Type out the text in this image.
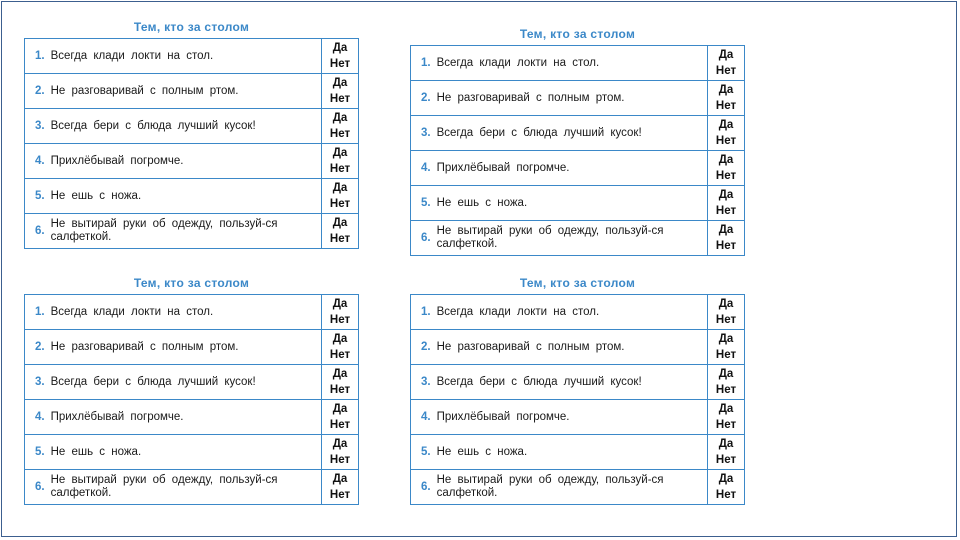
Тем, кто за столом
1. Всегда клади локти на стол.
Да
Нет
2. Не разговаривай с полным ртом.
Да
Нет
3. Всегда бери с блюда лучший кусок!
Да
Нет
4. Прихлёбывай погромче.
Да
Нет
5. Не ешь с ножа.
Да
Нет
6.
Не вытирай руки об одежду, пользуй-ся салфеткой.
Да
Нет
Тем, кто за столом
1. Всегда клади локти на стол.
Да
Нет
2. Не разговаривай с полным ртом.
Да
Нет
3. Всегда бери с блюда лучший кусок!
Да
Нет
4. Прихлёбывай погромче.
Да
Нет
5. Не ешь с ножа.
Да
Нет
6.
Не вытирай руки об одежду, пользуй-ся салфеткой.
Да
Нет
Тем, кто за столом
1. Всегда клади локти на стол.
Да
Нет
2. Не разговаривай с полным ртом.
Да
Нет
3. Всегда бери с блюда лучший кусок!
Да
Нет
4. Прихлёбывай погромче.
Да
Нет
5. Не ешь с ножа.
Да
Нет
6.
Не вытирай руки об одежду, пользуй-ся салфеткой.
Да
Нет
Тем, кто за столом
1. Всегда клади локти на стол.
Да
Нет
2. Не разговаривай с полным ртом.
Да
Нет
3. Всегда бери с блюда лучший кусок!
Да
Нет
4. Прихлёбывай погромче.
Да
Нет
5. Не ешь с ножа.
Да
Нет
6.
Не вытирай руки об одежду, пользуй-ся салфеткой.
Да
Нет
